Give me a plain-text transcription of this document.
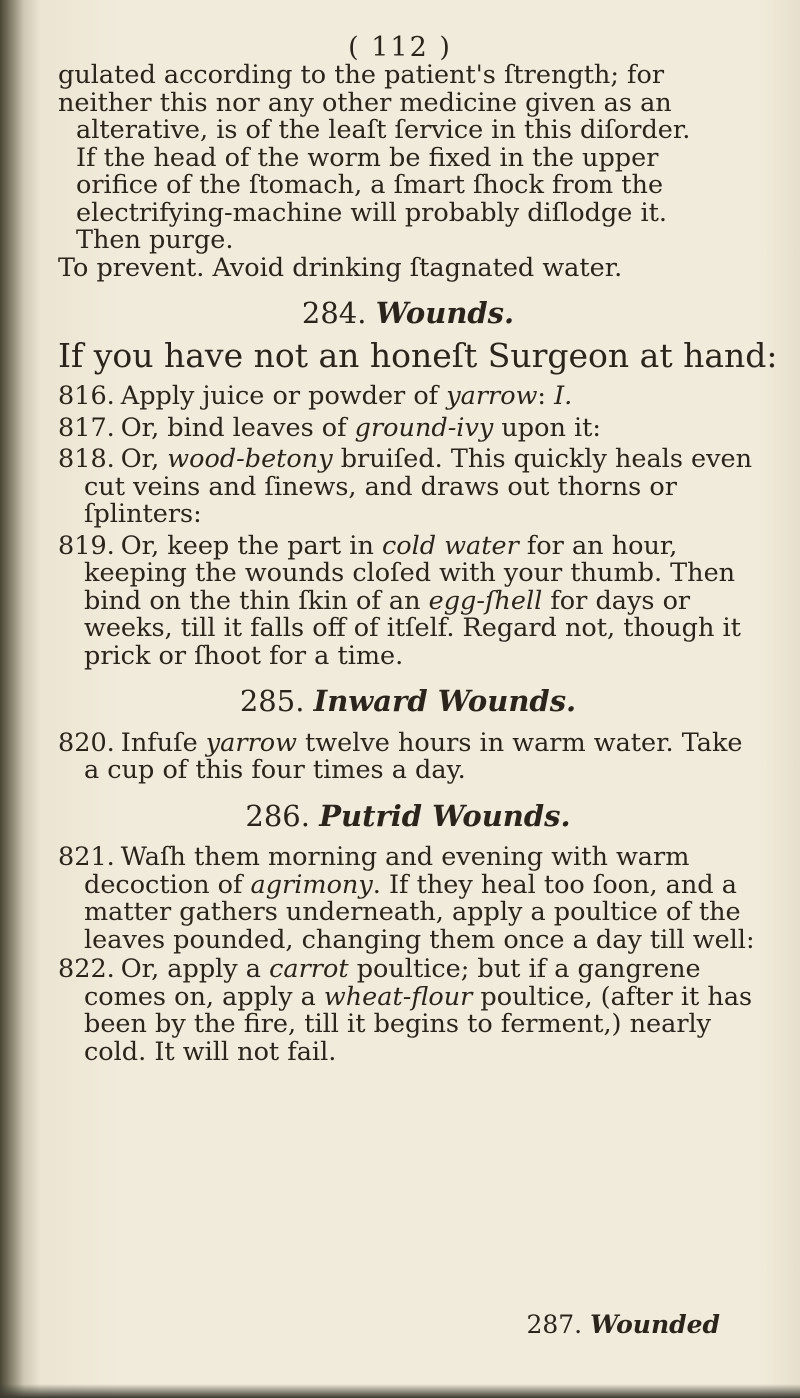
( 112 )

gulated according to the patient's ſtrength; for

neither this nor any other medicine given as an

alterative, is of the leaſt ſervice in this diſorder.

If the head of the worm be fixed in the upper

orifice of the ſtomach, a ſmart ſhock from the

electrifying-machine will probably diſlodge it.

Then purge.

To prevent. Avoid drinking ſtagnated water.

284. Wounds.

If you have not an honeſt Surgeon at hand:

816. Apply juice or powder of yarrow: I.

817. Or, bind leaves of ground-ivy upon it:

818. Or, wood-betony bruiſed. This quickly heals even cut veins and ſinews, and draws out thorns or ſplinters:

819. Or, keep the part in cold water for an hour, keeping the wounds cloſed with your thumb. Then bind on the thin ſkin of an egg-ſhell for days or weeks, till it falls off of itſelf. Regard not, though it prick or ſhoot for a time.

285. Inward Wounds.

820. Infuſe yarrow twelve hours in warm water. Take a cup of this four times a day.

286. Putrid Wounds.

821. Waſh them morning and evening with warm decoction of agrimony. If they heal too ſoon, and a matter gathers underneath, apply a poultice of the leaves pounded, changing them once a day till well:

822. Or, apply a carrot poultice; but if a gangrene comes on, apply a wheat-flour poultice, (after it has been by the fire, till it begins to ferment,) nearly cold. It will not fail.

287. Wounded
